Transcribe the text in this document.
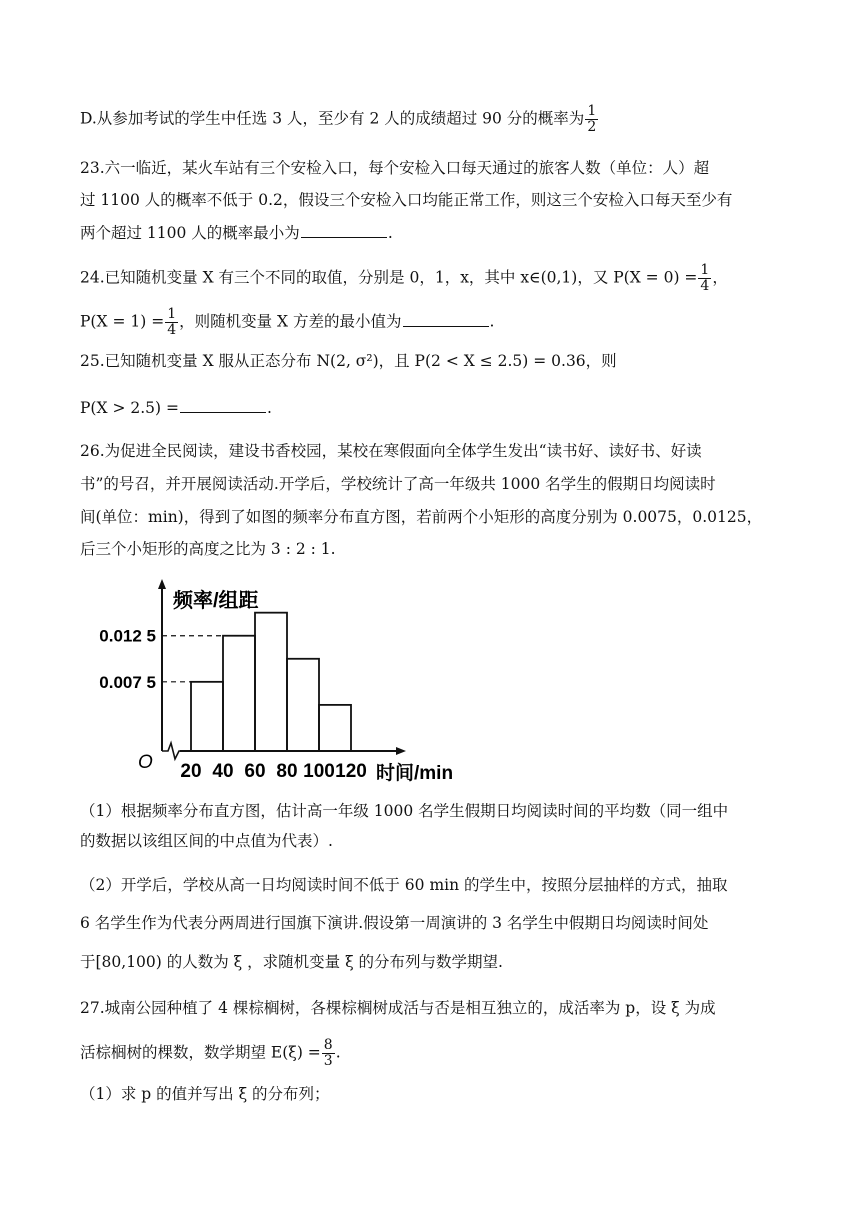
D.从参加考试的学生中任选 3 人，至少有 2 人的成绩超过 90 分的概率为 $\frac{1}{2}$
23.六一临近，某火车站有三个安检入口，每个安检入口每天通过的旅客人数（单位：人）超
过 1100 人的概率不低于 0.2，假设三个安检入口均能正常工作，则这三个安检入口每天至少有
两个超过 1100 人的概率最小为	.
24.已知随机变量 X 有三个不同的取值，分别是 0，1，x，其中 x∈(0,1)，又 $P(X = 0) = \frac{1}{4}$ ，
$P(X = 1) = \frac{1}{4}$ ，则随机变量 X 方差的最小值为	.
25.已知随机变量 X 服从正态分布 N(2, σ²)，且 P(2 < X ≤ 2.5) = 0.36，则
P(X > 2.5) =	.
26.为促进全民阅读，建设书香校园，某校在寒假面向全体学生发出“读书好、读好书、好读
书”的号召，并开展阅读活动.开学后，学校统计了高一年级共 1000 名学生的假期日均阅读时
间(单位：min)，得到了如图的频率分布直方图，若前两个小矩形的高度分别为 0.0075，0.0125，
后三个小矩形的高度之比为 3 : 2 : 1.
频率/组距
O
时间/min
0.012 5
0.007 5
20 40 60 80 100 120
（1）根据频率分布直方图，估计高一年级 1000 名学生假期日均阅读时间的平均数（同一组中
的数据以该组区间的中点值为代表）.
（2）开学后，学校从高一日均阅读时间不低于 60 min 的学生中，按照分层抽样的方式，抽取
6 名学生作为代表分两周进行国旗下演讲.假设第一周演讲的 3 名学生中假期日均阅读时间处
于[80,100) 的人数为 ξ ，求随机变量 ξ 的分布列与数学期望.
27.城南公园种植了 4 棵棕榈树，各棵棕榈树成活与否是相互独立的，成活率为 p，设 ξ 为成
活棕榈树的棵数，数学期望 $E(\xi) = \frac{8}{3}$ .
（1）求 p 的值并写出 ξ 的分布列；
